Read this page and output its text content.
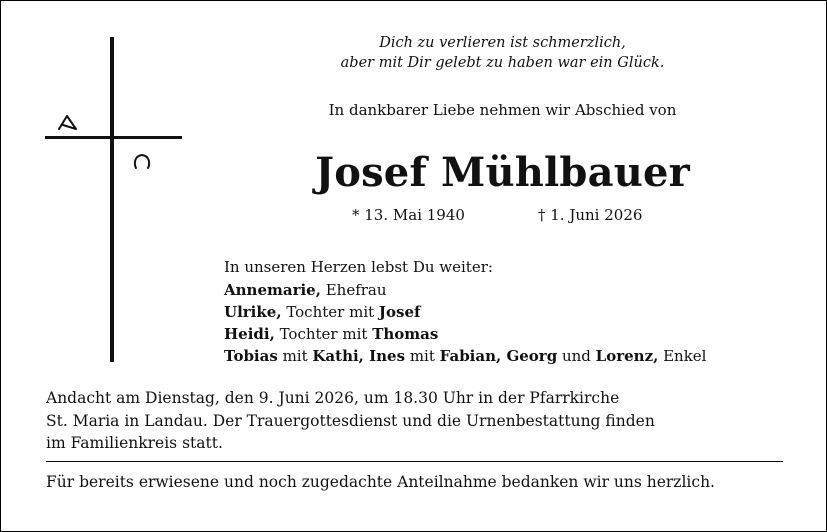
Dich zu verlieren ist schmerzlich,
aber mit Dir gelebt zu haben war ein Glück.
In dankbarer Liebe nehmen wir Abschied von
Josef Mühlbauer
* 13. Mai 1940	† 1. Juni 2026
In unseren Herzen lebst Du weiter:
Annemarie, Ehefrau
Ulrike, Tochter mit Josef
Heidi, Tochter mit Thomas
Tobias mit Kathi, Ines mit Fabian, Georg und Lorenz, Enkel
Andacht am Dienstag, den 9. Juni 2026, um 18.30 Uhr in der Pfarrkirche
St. Maria in Landau. Der Trauergottesdienst und die Urnenbestattung finden
im Familienkreis statt.
Für bereits erwiesene und noch zugedachte Anteilnahme bedanken wir uns herzlich.
